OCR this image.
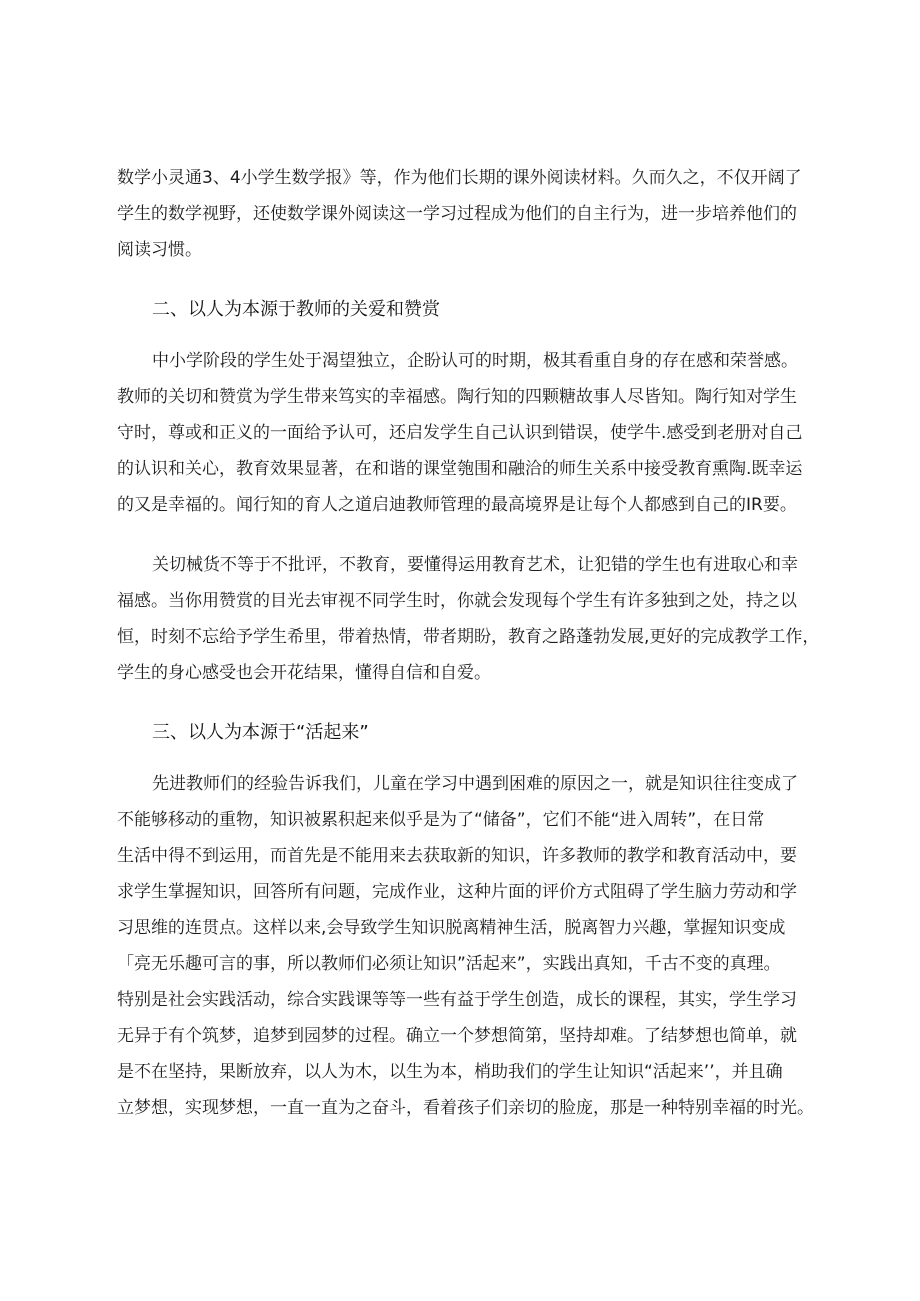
数学小灵通3、4小学生数学报》等，作为他们长期的课外阅读材料。久而久之，不仅开阔了
学生的数学视野，还使数学课外阅读这一学习过程成为他们的自主行为，进一步培养他们的
阅读习惯。
二、以人为本源于教师的关爱和赞赏
中小学阶段的学生处于渴望独立，企盼认可的时期，极其看重自身的存在感和荣誉感。
教师的关切和赞赏为学生带来笃实的幸福感。陶行知的四颗糖故事人尽皆知。陶行知对学生
守时，尊或和正义的一面给予认可，还启发学生自己认识到错误，使学牛.感受到老册对自己
的认识和关心，教育效果显著，在和谐的课堂匏围和融洽的师生关系中接受教育熏陶.既幸运
的又是幸福的。闻行知的育人之道启迪教师管理的最高境界是让每个人都感到自己的IR要。
关切械货不等于不批评，不教育，要懂得运用教育艺术，让犯错的学生也有进取心和幸
福感。当你用赞赏的目光去审视不同学生时，你就会发现每个学生有许多独到之处，持之以
恒，时刻不忘给予学生希里，带着热情，带者期盼，教育之路蓬勃发展,更好的完成教学工作，
学生的身心感受也会开花结果，懂得自信和自爱。
三、以人为本源于“活起来”
先进教师们的经验告诉我们，儿童在学习中遇到困难的原因之一，就是知识往往变成了
不能够移动的重物，知识被累积起来似乎是为了“储备”，它们不能“进入周转”，在日常
生活中得不到运用，而首先是不能用来去获取新的知识，许多教师的教学和教育活动中，要
求学生掌握知识，回答所有问题，完成作业，这种片面的评价方式阻碍了学生脑力劳动和学
习思维的连贯点。这样以来,会导致学生知识脱离精神生活，脱离智力兴趣，掌握知识变成
「亮无乐趣可言的事，所以教师们必须让知识”活起来”，实践出真知，千古不变的真理。
特别是社会实践活动，综合实践课等等一些有益于学生创造，成长的课程，其实，学生学习
无异于有个筑梦，追梦到园梦的过程。确立一个梦想简第，坚持却难。了结梦想也简单，就
是不在坚持，果断放弃，以人为木，以生为本，梢助我们的学生让知识“活起来’’，并且确
立梦想，实现梦想，一直一直为之奋斗，看着孩子们亲切的脸庞，那是一种特别幸福的时光。
